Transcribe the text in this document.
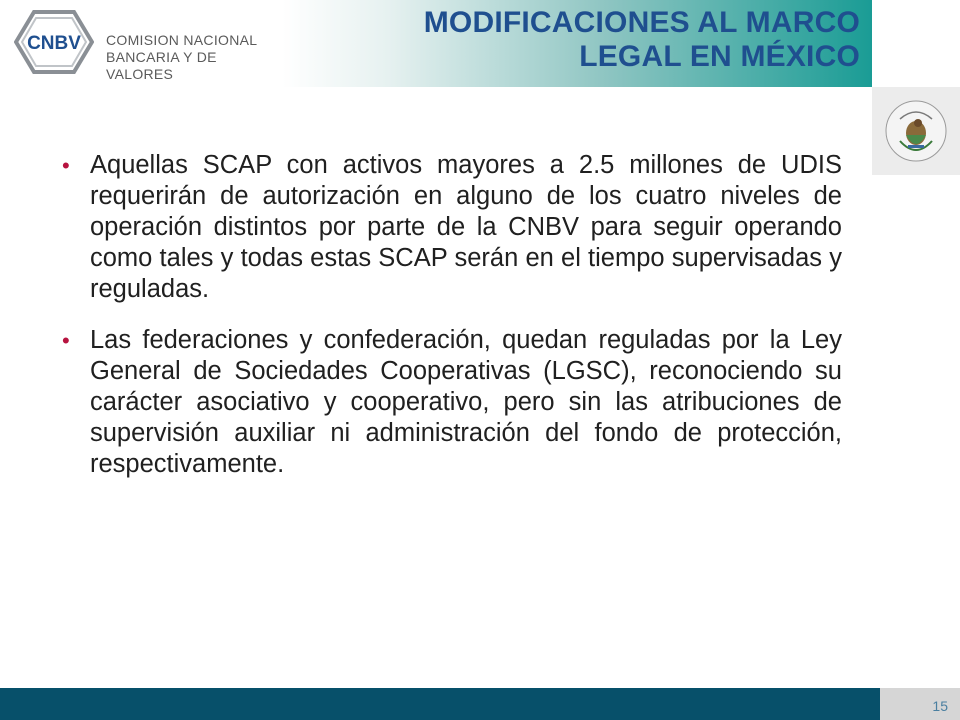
MODIFICACIONES AL MARCO
LEGAL EN MÉXICO
CNBV COMISION NACIONAL
BANCARIA Y DE VALORES
• Aquellas SCAP con activos mayores a 2.5 millones de UDIS requerirán de autorización en alguno de los cuatro niveles de operación distintos por parte de la CNBV para seguir operando como tales y todas estas SCAP serán en el tiempo supervisadas y reguladas.
• Las federaciones y confederación, quedan reguladas por la Ley General de Sociedades Cooperativas (LGSC), reconociendo su carácter asociativo y cooperativo, pero sin las atribuciones de supervisión auxiliar ni administración del fondo de protección, respectivamente.
15
